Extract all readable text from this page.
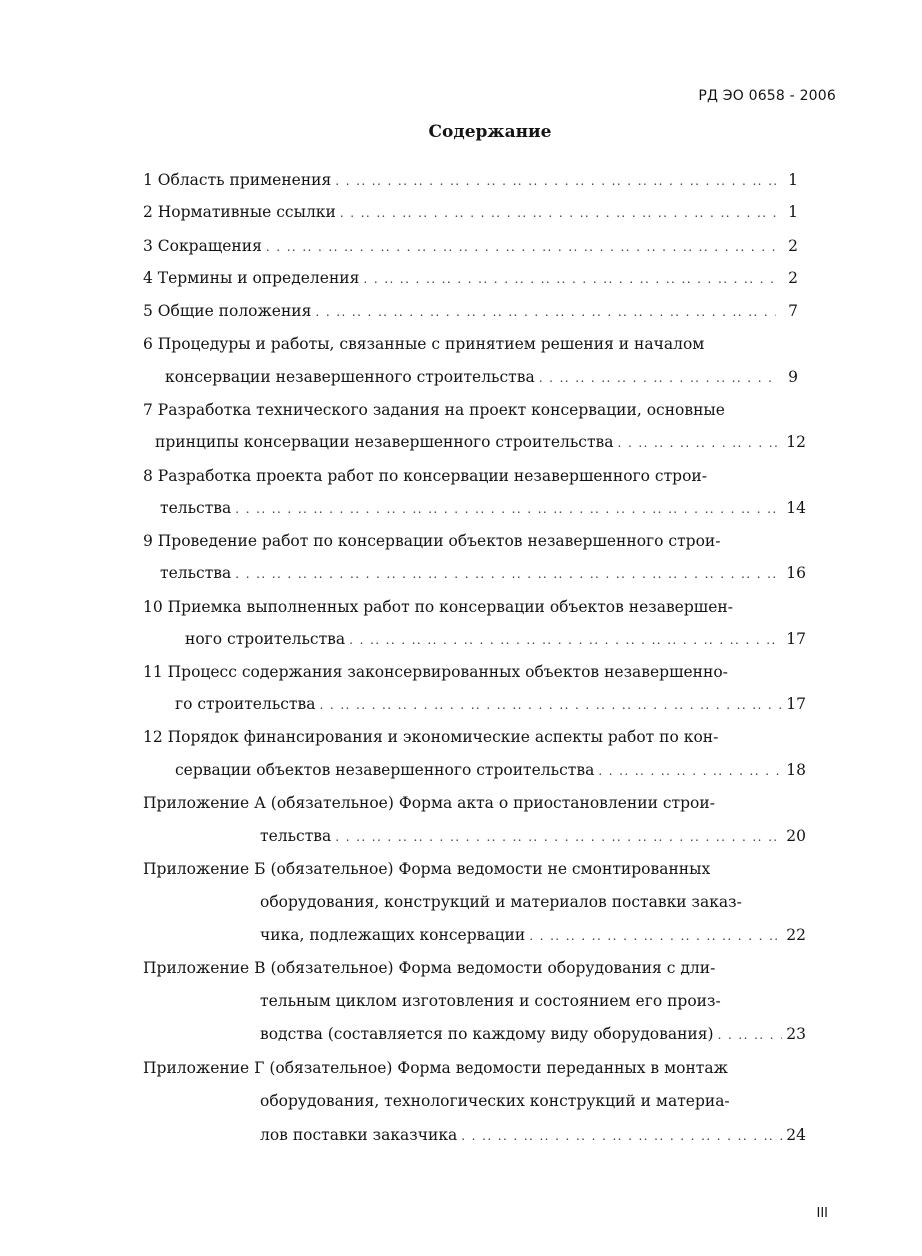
РД ЭО 0658 - 2006
Содержание
1 Область применения . . .	1
2 Нормативные ссылки . . .	1
3 Сокращения . . .	2
4 Термины и определения . . .	2
5 Общие положения . . .	7
6 Процедуры и работы, связанные с принятием решения и началом
консервации незавершенного строительства . . .	9
7 Разработка технического задания на проект консервации, основные
принципы консервации незавершенного строительства . . .	12
8 Разработка проекта работ по консервации незавершенного строи-
тельства . . .	14
9 Проведение работ по консервации объектов незавершенного строи-
тельства . . .	16
10 Приемка выполненных работ по консервации объектов незавершен-
ного строительства . . .	17
11 Процесс содержания законсервированных объектов незавершенно-
го строительства . . .	17
12 Порядок финансирования и экономические аспекты работ по кон-
сервации объектов незавершенного строительства . . .	18
Приложение А (обязательное) Форма акта о приостановлении строи-
тельства . . .	20
Приложение Б (обязательное) Форма ведомости не смонтированных
оборудования, конструкций и материалов поставки заказ-
чика, подлежащих консервации . . .	22
Приложение В (обязательное) Форма ведомости оборудования с дли-
тельным циклом изготовления и состоянием его произ-
водства (составляется по каждому виду оборудования) . . .	23
Приложение Г (обязательное) Форма ведомости переданных в монтаж
оборудования, технологических конструкций и материа-
лов поставки заказчика . . .	24
III
